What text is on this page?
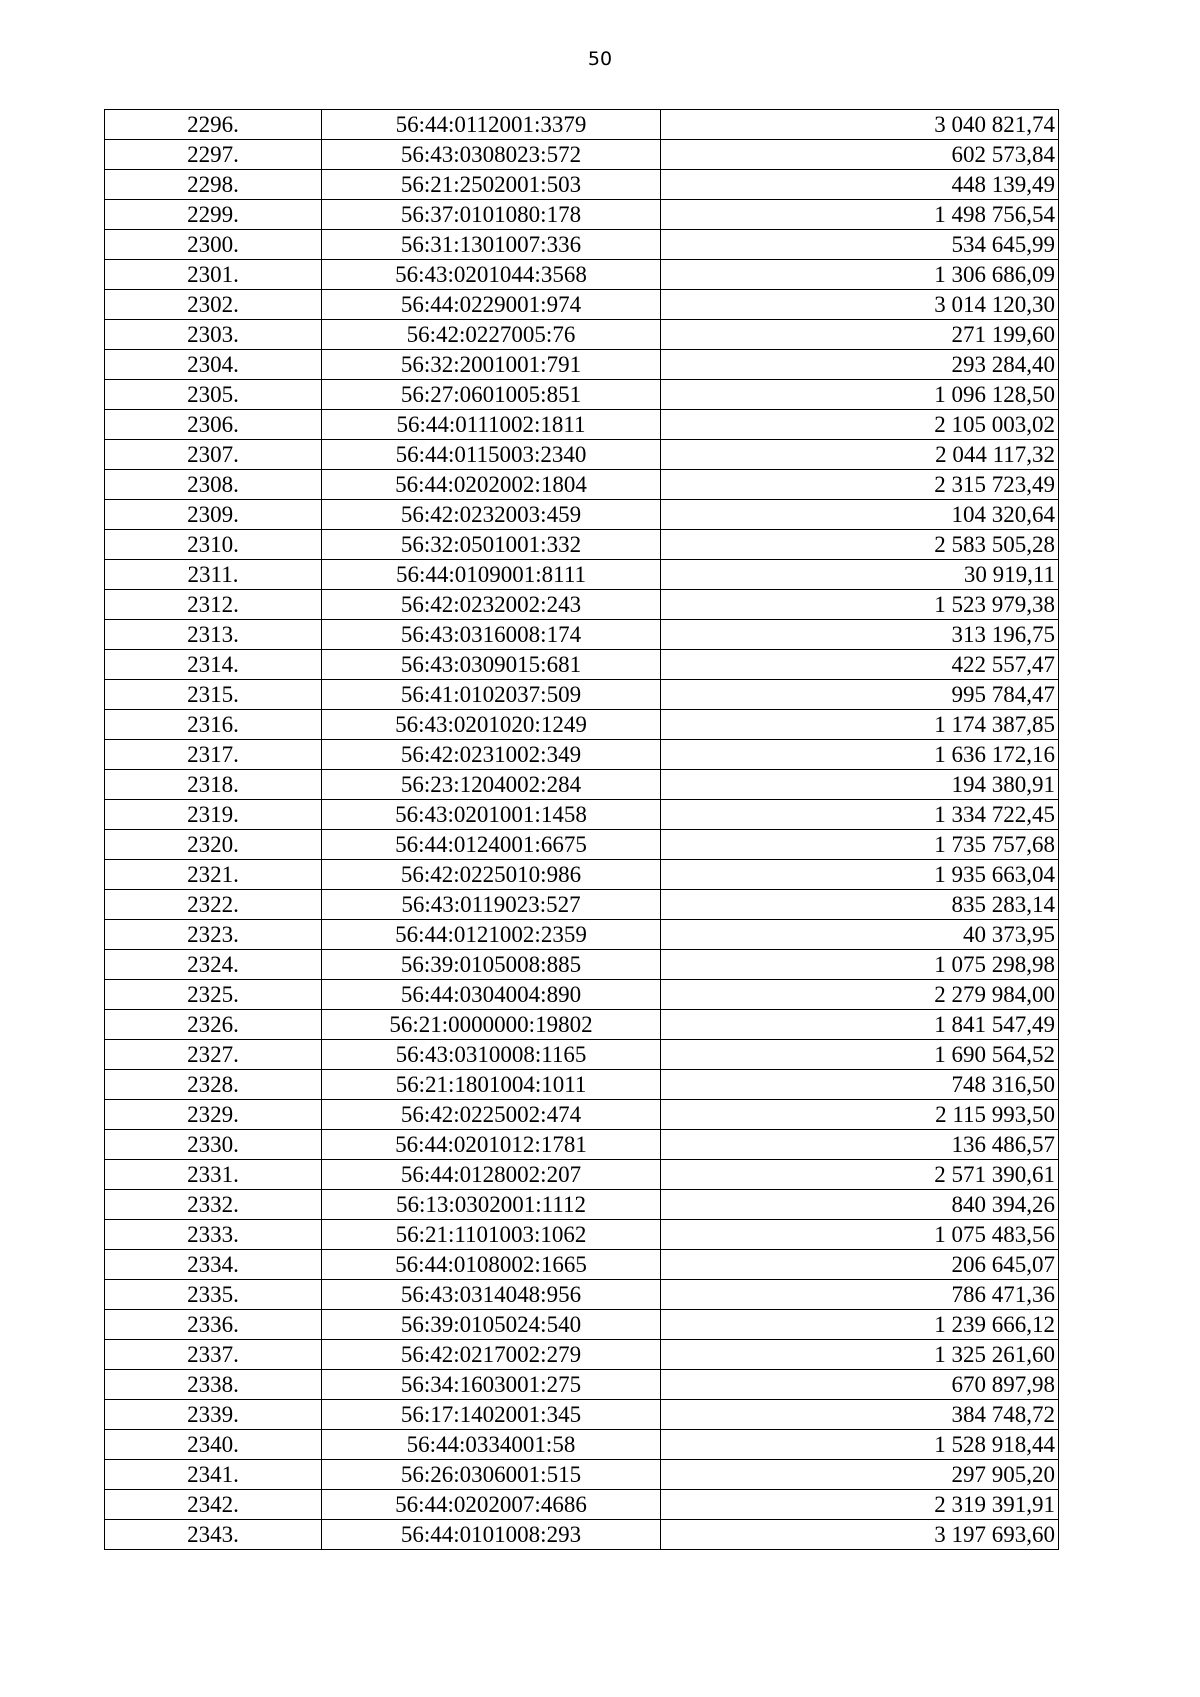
50
2296.	56:44:0112001:3379	3 040 821,74
2297.	56:43:0308023:572	602 573,84
2298.	56:21:2502001:503	448 139,49
2299.	56:37:0101080:178	1 498 756,54
2300.	56:31:1301007:336	534 645,99
2301.	56:43:0201044:3568	1 306 686,09
2302.	56:44:0229001:974	3 014 120,30
2303.	56:42:0227005:76	271 199,60
2304.	56:32:2001001:791	293 284,40
2305.	56:27:0601005:851	1 096 128,50
2306.	56:44:0111002:1811	2 105 003,02
2307.	56:44:0115003:2340	2 044 117,32
2308.	56:44:0202002:1804	2 315 723,49
2309.	56:42:0232003:459	104 320,64
2310.	56:32:0501001:332	2 583 505,28
2311.	56:44:0109001:8111	30 919,11
2312.	56:42:0232002:243	1 523 979,38
2313.	56:43:0316008:174	313 196,75
2314.	56:43:0309015:681	422 557,47
2315.	56:41:0102037:509	995 784,47
2316.	56:43:0201020:1249	1 174 387,85
2317.	56:42:0231002:349	1 636 172,16
2318.	56:23:1204002:284	194 380,91
2319.	56:43:0201001:1458	1 334 722,45
2320.	56:44:0124001:6675	1 735 757,68
2321.	56:42:0225010:986	1 935 663,04
2322.	56:43:0119023:527	835 283,14
2323.	56:44:0121002:2359	40 373,95
2324.	56:39:0105008:885	1 075 298,98
2325.	56:44:0304004:890	2 279 984,00
2326.	56:21:0000000:19802	1 841 547,49
2327.	56:43:0310008:1165	1 690 564,52
2328.	56:21:1801004:1011	748 316,50
2329.	56:42:0225002:474	2 115 993,50
2330.	56:44:0201012:1781	136 486,57
2331.	56:44:0128002:207	2 571 390,61
2332.	56:13:0302001:1112	840 394,26
2333.	56:21:1101003:1062	1 075 483,56
2334.	56:44:0108002:1665	206 645,07
2335.	56:43:0314048:956	786 471,36
2336.	56:39:0105024:540	1 239 666,12
2337.	56:42:0217002:279	1 325 261,60
2338.	56:34:1603001:275	670 897,98
2339.	56:17:1402001:345	384 748,72
2340.	56:44:0334001:58	1 528 918,44
2341.	56:26:0306001:515	297 905,20
2342.	56:44:0202007:4686	2 319 391,91
2343.	56:44:0101008:293	3 197 693,60
